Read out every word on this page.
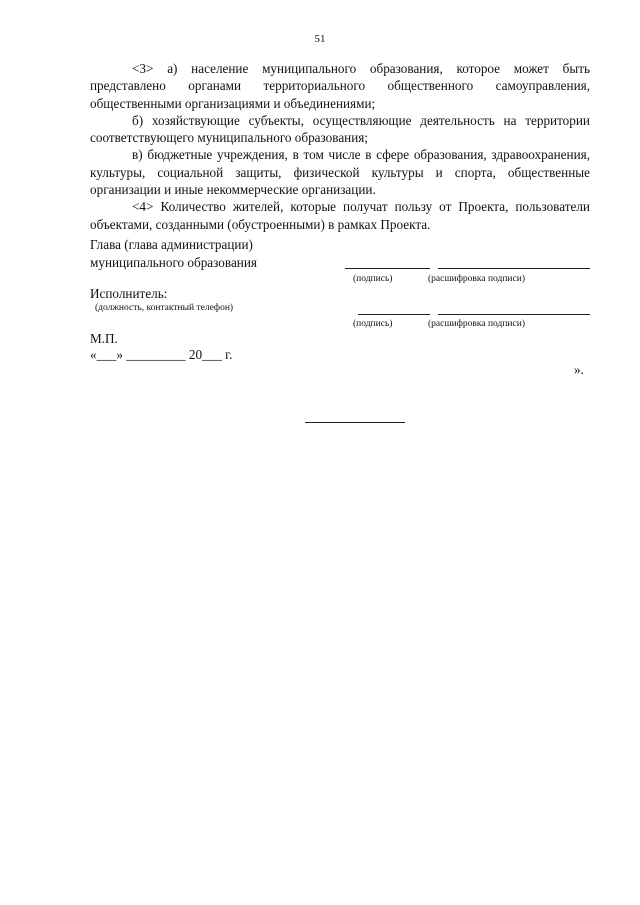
51

<3> а) население муниципального образования, которое может быть представлено органами территориального общественного самоуправления, общественными организациями и объединениями;

б) хозяйствующие субъекты, осуществляющие деятельность на территории соответствующего муниципального образования;

в) бюджетные учреждения, в том числе в сфере образования, здравоохранения, культуры, социальной защиты, физической культуры и спорта, общественные организации и иные некоммерческие организации.

<4> Количество жителей, которые получат пользу от Проекта, пользователи объектами, созданными (обустроенными) в рамках Проекта.

Глава (глава администрации)
муниципального образования
(подпись)	(расшифровка подписи)
Исполнитель:
(должность, контактный телефон)
(подпись)	(расшифровка подписи)
М.П.
«___» _________ 20___ г.
».
